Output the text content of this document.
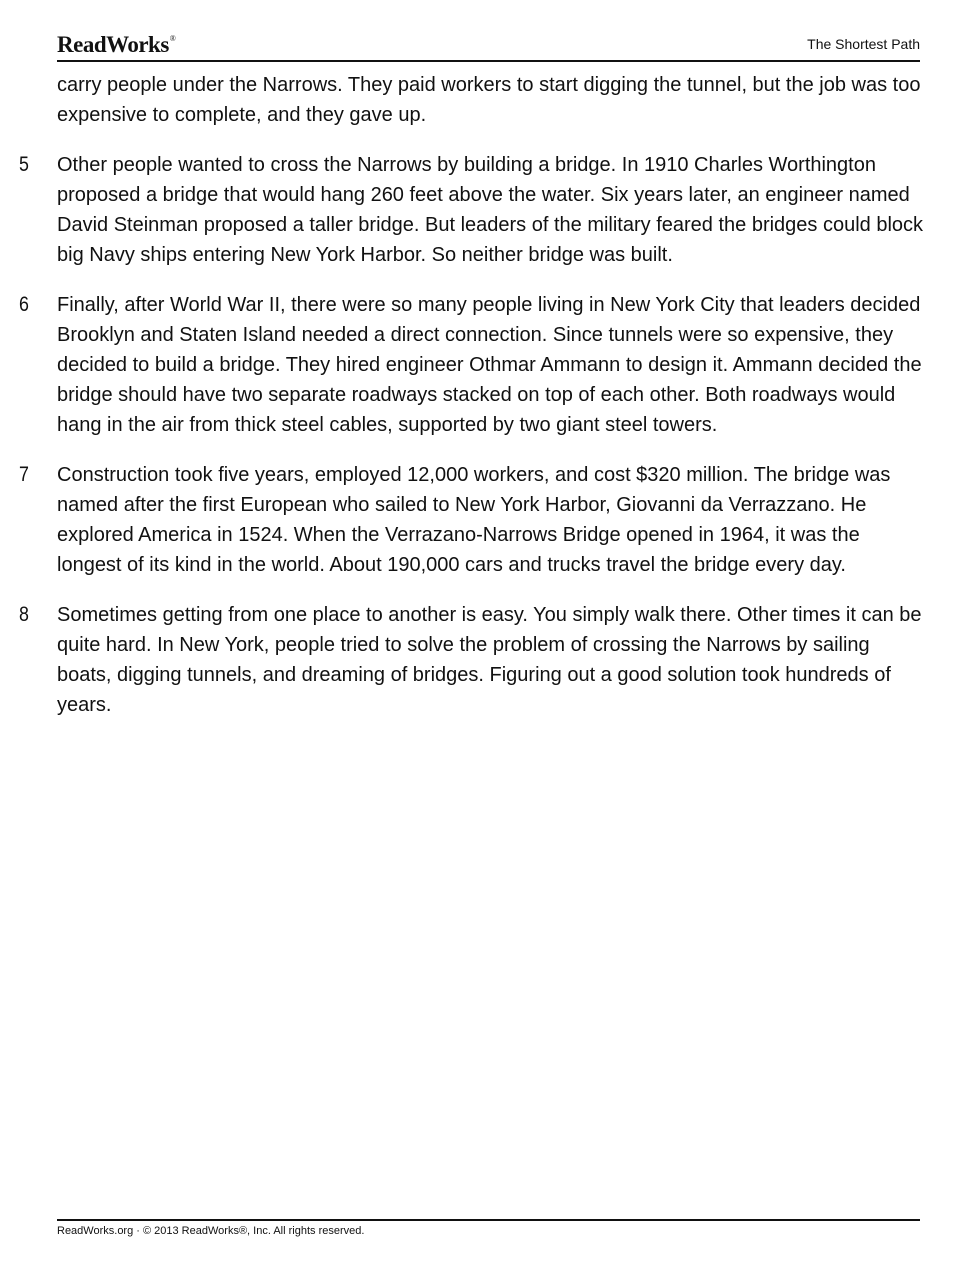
ReadWorks®	The Shortest Path

carry people under the Narrows. They paid workers to start digging the tunnel, but the job was too expensive to complete, and they gave up.

5 Other people wanted to cross the Narrows by building a bridge. In 1910 Charles Worthington proposed a bridge that would hang 260 feet above the water. Six years later, an engineer named David Steinman proposed a taller bridge. But leaders of the military feared the bridges could block big Navy ships entering New York Harbor. So neither bridge was built.

6 Finally, after World War II, there were so many people living in New York City that leaders decided Brooklyn and Staten Island needed a direct connection. Since tunnels were so expensive, they decided to build a bridge. They hired engineer Othmar Ammann to design it. Ammann decided the bridge should have two separate roadways stacked on top of each other. Both roadways would hang in the air from thick steel cables, supported by two giant steel towers.

7 Construction took five years, employed 12,000 workers, and cost $320 million. The bridge was named after the first European who sailed to New York Harbor, Giovanni da Verrazzano. He explored America in 1524. When the Verrazano-Narrows Bridge opened in 1964, it was the longest of its kind in the world. About 190,000 cars and trucks travel the bridge every day.

8 Sometimes getting from one place to another is easy. You simply walk there. Other times it can be quite hard. In New York, people tried to solve the problem of crossing the Narrows by sailing boats, digging tunnels, and dreaming of bridges. Figuring out a good solution took hundreds of years.

ReadWorks.org · © 2013 ReadWorks®, Inc. All rights reserved.
